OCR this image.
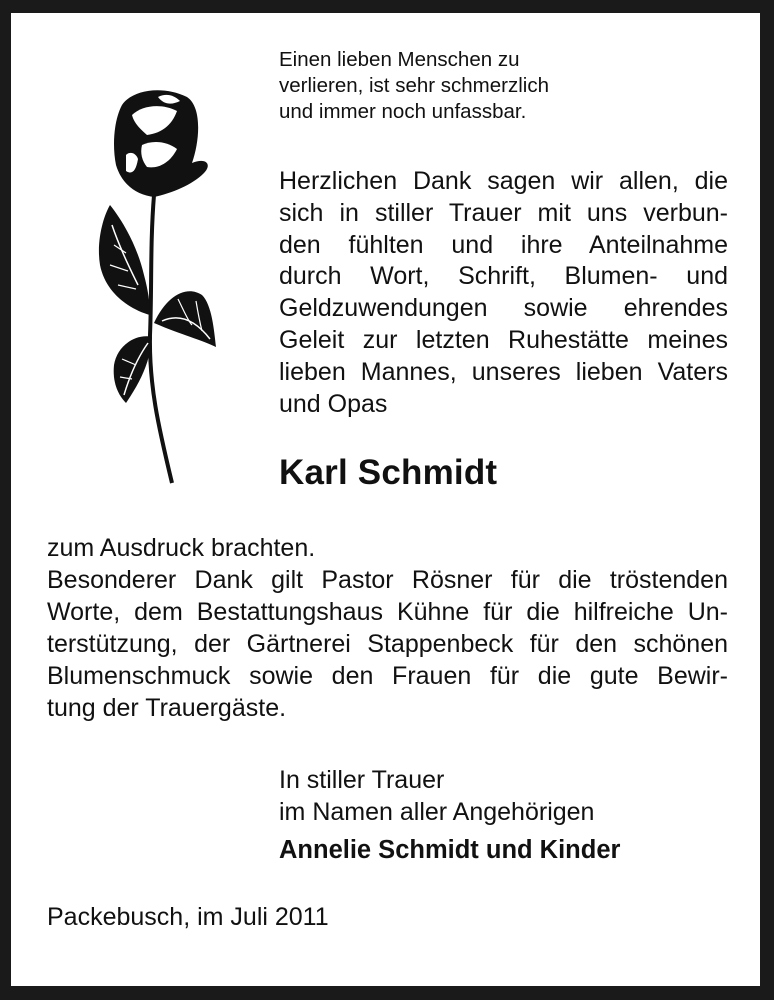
Einen lieben Menschen zu
verlieren, ist sehr schmerzlich
und immer noch unfassbar.
Herzlichen Dank sagen wir allen, die
sich in stiller Trauer mit uns verbun-
den fühlten und ihre Anteilnahme
durch Wort, Schrift, Blumen- und
Geldzuwendungen sowie ehrendes
Geleit zur letzten Ruhestätte meines
lieben Mannes, unseres lieben Vaters
und Opas
Karl Schmidt
zum Ausdruck brachten.
Besonderer Dank gilt Pastor Rösner für die tröstenden
Worte, dem Bestattungshaus Kühne für die hilfreiche Un-
terstützung, der Gärtnerei Stappenbeck für den schönen
Blumenschmuck sowie den Frauen für die gute Bewir-
tung der Trauergäste.
In stiller Trauer
im Namen aller Angehörigen
Annelie Schmidt und Kinder
Packebusch, im Juli 2011
